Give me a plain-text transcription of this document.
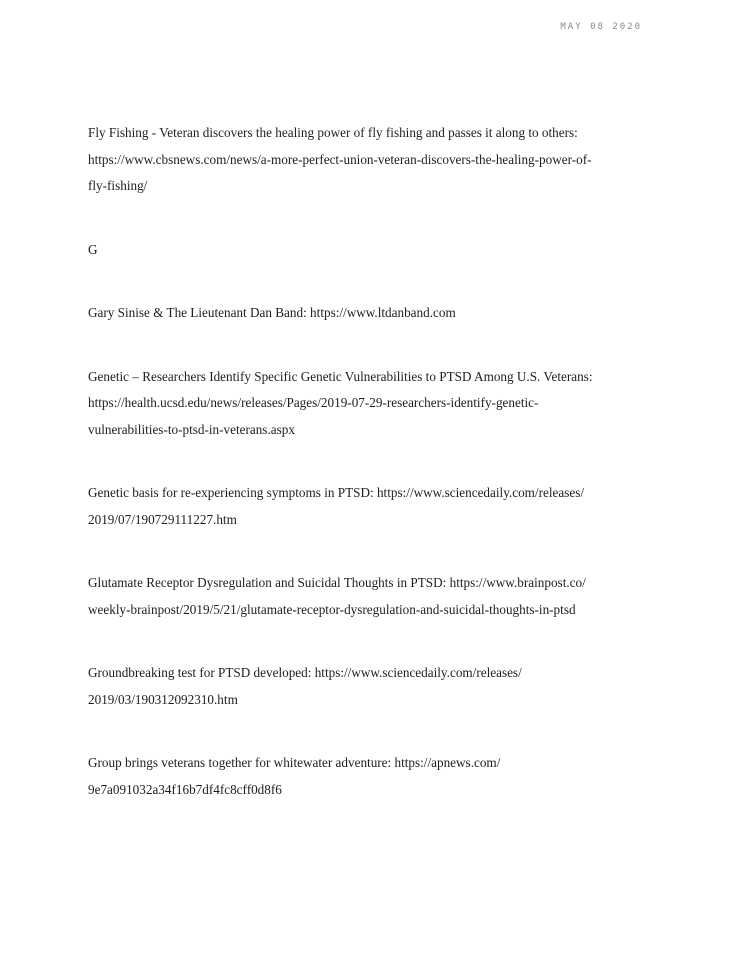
MAY 08 2020
Fly Fishing - Veteran discovers the healing power of fly fishing and passes it along to others:
https://www.cbsnews.com/news/a-more-perfect-union-veteran-discovers-the-healing-power-of-
fly-fishing/
G
Gary Sinise & The Lieutenant Dan Band: https://www.ltdanband.com
Genetic – Researchers Identify Specific Genetic Vulnerabilities to PTSD Among U.S. Veterans:
https://health.ucsd.edu/news/releases/Pages/2019-07-29-researchers-identify-genetic-
vulnerabilities-to-ptsd-in-veterans.aspx
Genetic basis for re-experiencing symptoms in PTSD: https://www.sciencedaily.com/releases/
2019/07/190729111227.htm
Glutamate Receptor Dysregulation and Suicidal Thoughts in PTSD: https://www.brainpost.co/
weekly-brainpost/2019/5/21/glutamate-receptor-dysregulation-and-suicidal-thoughts-in-ptsd
Groundbreaking test for PTSD developed: https://www.sciencedaily.com/releases/
2019/03/190312092310.htm
Group brings veterans together for whitewater adventure: https://apnews.com/
9e7a091032a34f16b7df4fc8cff0d8f6
